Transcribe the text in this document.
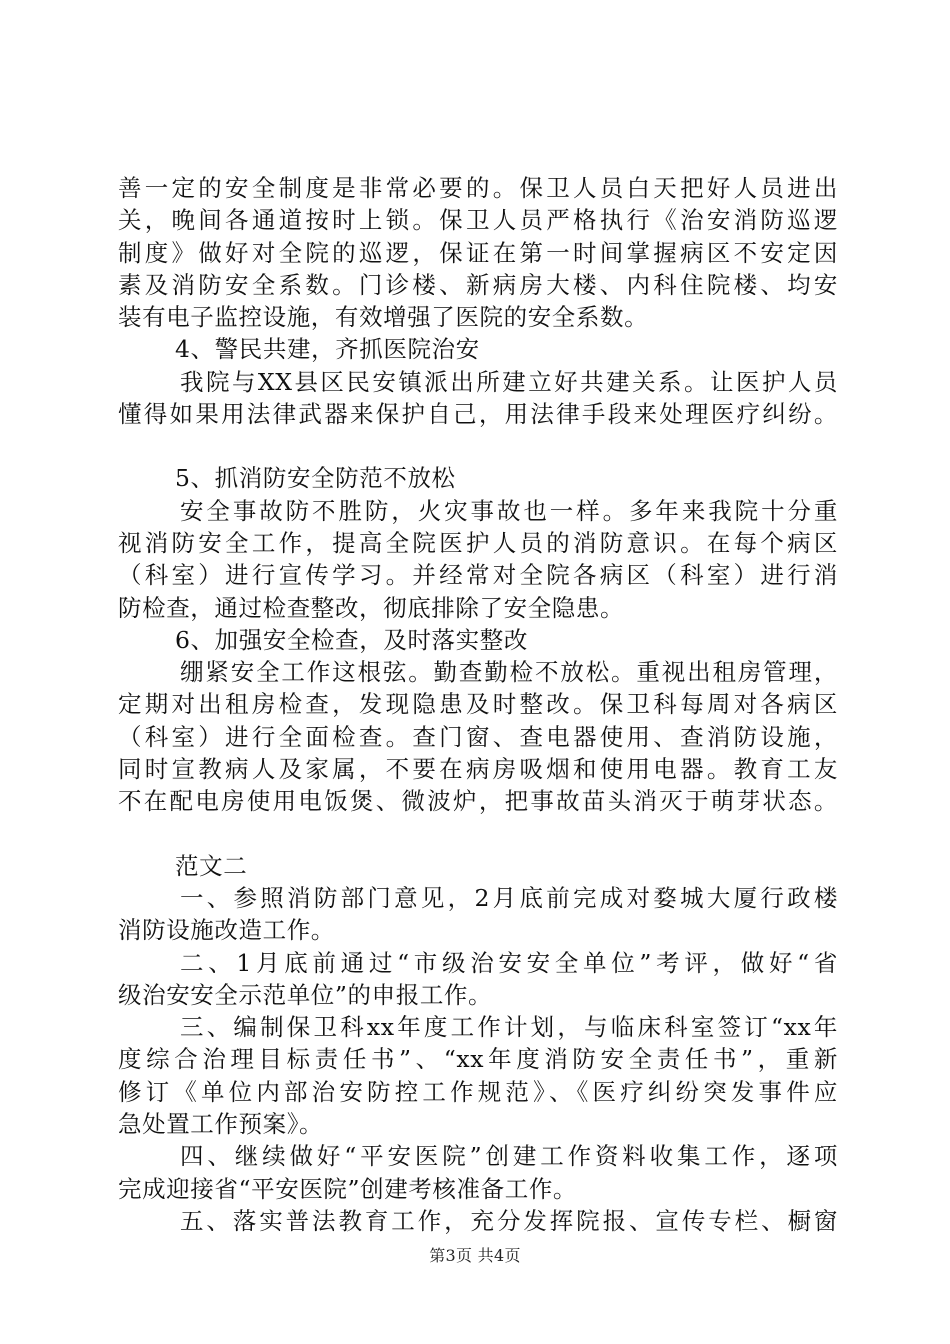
善一定的安全制度是非常必要的。保卫人员白天把好人员进出
关，晚间各通道按时上锁。保卫人员严格执行《治安消防巡逻
制度》做好对全院的巡逻，保证在第一时间掌握病区不安定因
素及消防安全系数。门诊楼、新病房大楼、内科住院楼、均安
装有电子监控设施，有效增强了医院的安全系数。
4、警民共建，齐抓医院治安
我院与XX县区民安镇派出所建立好共建关系。让医护人员
懂得如果用法律武器来保护自己，用法律手段来处理医疗纠纷。
5、抓消防安全防范不放松
安全事故防不胜防，火灾事故也一样。多年来我院十分重
视消防安全工作，提高全院医护人员的消防意识。在每个病区
（科室）进行宣传学习。并经常对全院各病区（科室）进行消
防检查，通过检查整改，彻底排除了安全隐患。
6、加强安全检查，及时落实整改
绷紧安全工作这根弦。勤查勤检不放松。重视出租房管理，
定期对出租房检查，发现隐患及时整改。保卫科每周对各病区
（科室）进行全面检查。查门窗、查电器使用、查消防设施，
同时宣教病人及家属，不要在病房吸烟和使用电器。教育工友
不在配电房使用电饭煲、微波炉，把事故苗头消灭于萌芽状态。
范文二
一、参照消防部门意见，2月底前完成对婺城大厦行政楼
消防设施改造工作。
二、1月底前通过“市级治安安全单位”考评，做好“省
级治安安全示范单位”的申报工作。
三、编制保卫科xx年度工作计划，与临床科室签订“xx年
度综合治理目标责任书”、“xx年度消防安全责任书”，重新
修订《单位内部治安防控工作规范》、《医疗纠纷突发事件应
急处置工作预案》。
四、继续做好“平安医院”创建工作资料收集工作，逐项
完成迎接省“平安医院”创建考核准备工作。
五、落实普法教育工作，充分发挥院报、宣传专栏、橱窗
第3页 共4页
